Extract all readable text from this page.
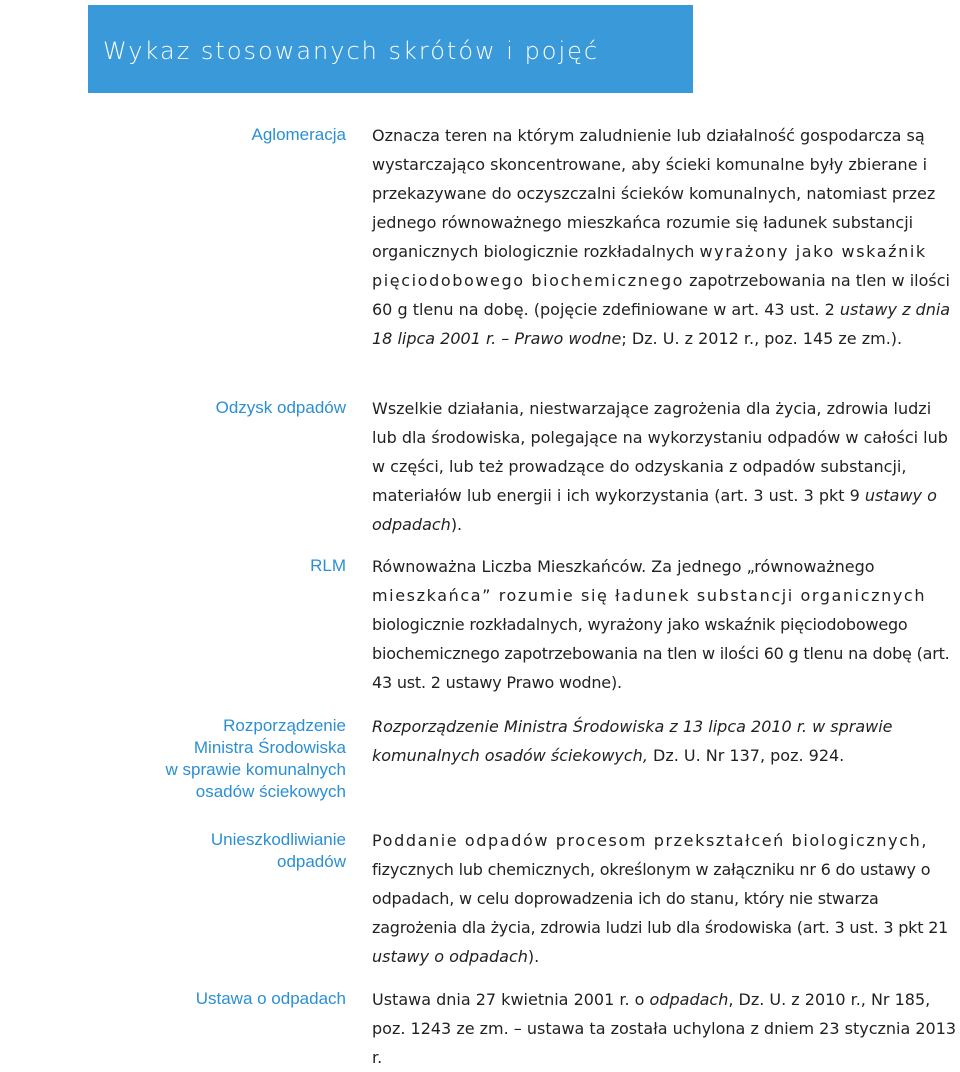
Wykaz stosowanych skrótów i pojęć
Aglomeracja Oznacza teren na którym zaludnienie lub działalność gospodarcza są wystarczająco skoncentrowane, aby ścieki komunalne były zbierane i przekazywane do oczyszczalni ścieków komunalnych, natomiast przez jednego równoważnego mieszkańca rozumie się ładunek substancji organicznych biologicznie rozkładalnych wyrażony jako wskaźnik pięciodobowego biochemicznego zapotrzebowania na tlen w ilości 60 g tlenu na dobę. (pojęcie zdefiniowane w art. 43 ust. 2 ustawy z dnia 18 lipca 2001 r. – Prawo wodne; Dz. U. z 2012 r., poz. 145 ze zm.).

Odzysk odpadów Wszelkie działania, niestwarzające zagrożenia dla życia, zdrowia ludzi lub dla środowiska, polegające na wykorzystaniu odpadów w całości lub w części, lub też prowadzące do odzyskania z odpadów substancji, materiałów lub energii i ich wykorzystania (art. 3 ust. 3 pkt 9 ustawy o odpadach).

RLM Równoważna Liczba Mieszkańców. Za jednego „równoważnego mieszkańca” rozumie się ładunek substancji organicznych biologicznie rozkładalnych, wyrażony jako wskaźnik pięciodobowego biochemicznego zapotrzebowania na tlen w ilości 60 g tlenu na dobę (art. 43 ust. 2 ustawy Prawo wodne).

Rozporządzenie
Ministra Środowiska
w sprawie komunalnych
osadów ściekowych

Rozporządzenie Ministra Środowiska z 13 lipca 2010 r. w sprawie komunalnych osadów ściekowych, Dz. U. Nr 137, poz. 924.

Unieszkodliwianie
odpadów

Poddanie odpadów procesom przekształceń biologicznych, fizycznych lub chemicznych, określonym w załączniku nr 6 do ustawy o odpadach, w celu doprowadzenia ich do stanu, który nie stwarza zagrożenia dla życia, zdrowia ludzi lub dla środowiska (art. 3 ust. 3 pkt 21 ustawy o odpadach).

Ustawa o odpadach Ustawa dnia 27 kwietnia 2001 r. o odpadach, Dz. U. z 2010 r., Nr 185, poz. 1243 ze zm. – ustawa ta została uchylona z dniem 23 stycznia 2013 r.
